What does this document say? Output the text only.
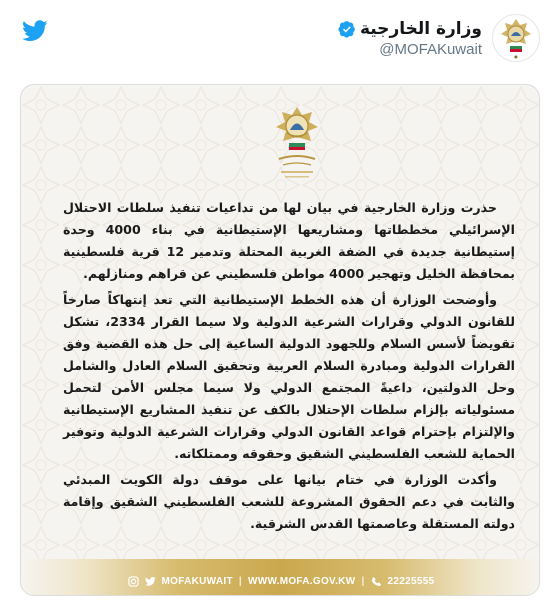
●
وزارة الخارجية
@MOFAKuwait

حذرت وزارة الخارجية في بيان لها من تداعيات تنفيذ سلطات الاحتلال الإسرائيلي مخططاتها ومشاريعها الإستيطانية في بناء 4000 وحدة إستيطانية جديدة في الضفة الغربية المحتلة وتدمير 12 قرية فلسطينية بمحافظة الخليل وتهجير 4000 مواطن فلسطيني عن قراهم ومنازلهم.

وأوضحت الوزارة أن هذه الخطط الإستيطانية التي تعد إنتهاكاً صارخاً للقانون الدولي وقرارات الشرعية الدولية ولا سيما القرار 2334، تشكل تقويضاً لأسس السلام وللجهود الدولية الساعية إلى حل هذه القضية وفق القرارات الدولية ومبادرة السلام العربية وتحقيق السلام العادل والشامل وحل الدولتين، داعيةً المجتمع الدولي ولا سيما مجلس الأمن لتحمل مسئولياته بإلزام سلطات الإحتلال بالكف عن تنفيذ المشاريع الإستيطانية والإلتزام بإحترام قواعد القانون الدولي وقرارات الشرعية الدولية وتوفير الحماية للشعب الفلسطيني الشقيق وحقوقه وممتلكاته.

وأكدت الوزارة في ختام بيانها على موقف دولة الكويت المبدئي والثابت في دعم الحقوق المشروعة للشعب الفلسطيني الشقيق وإقامة دولته المستقلة وعاصمتها القدس الشرقية.

MOFAKUWAIT | WWW.MOFA.GOV.KW | 22225555
